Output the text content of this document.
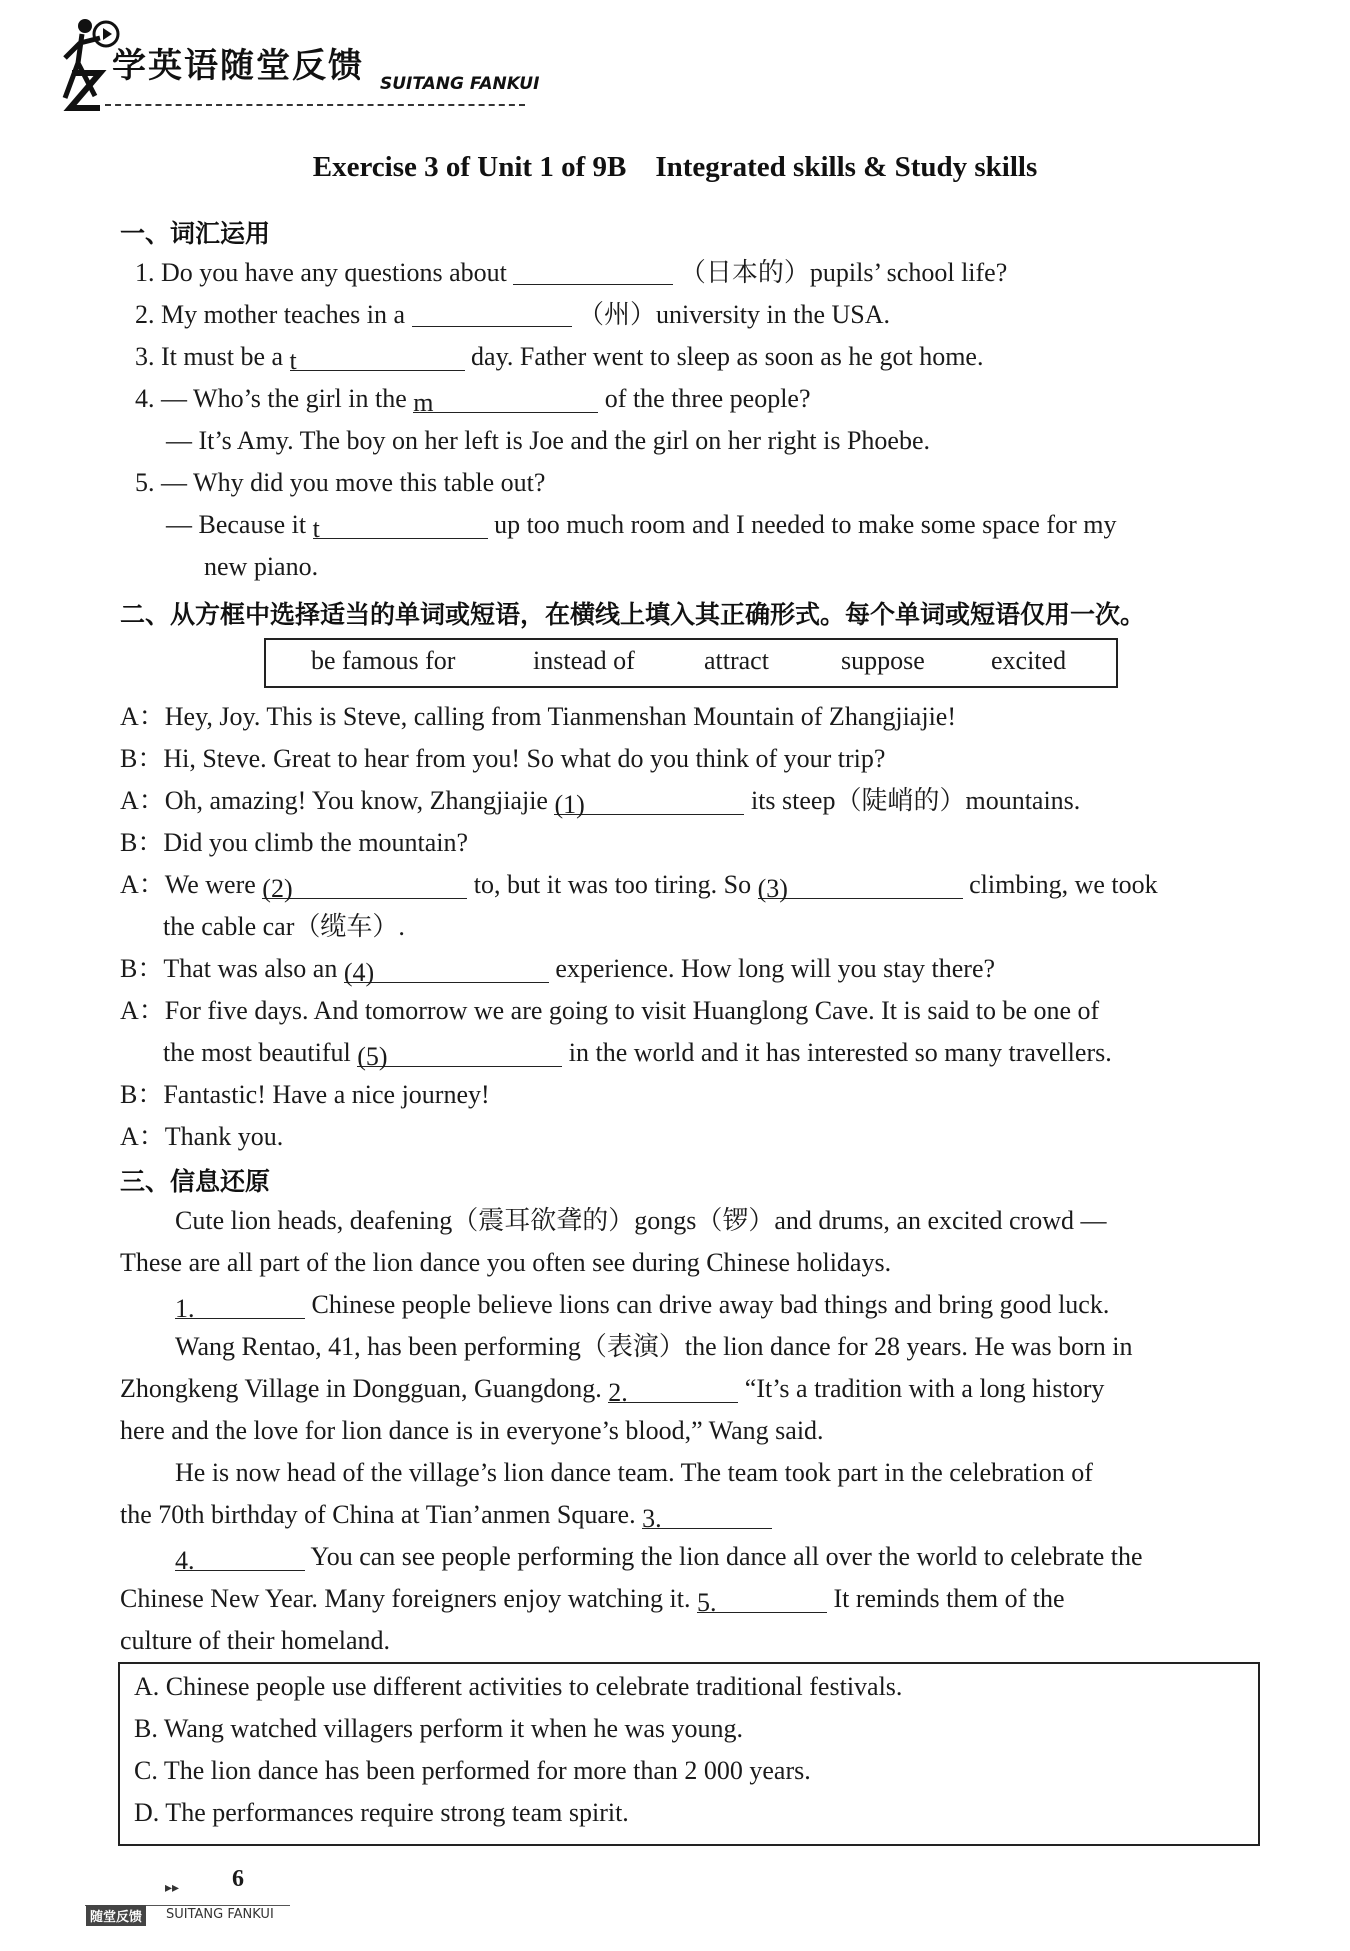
学英语随堂反馈 SUITANG FANKUI
Exercise 3 of Unit 1 of 9B　Integrated skills & Study skills
一、词汇运用
1. Do you have any questions about	（日本的）pupils’ school life?
2. My mother teaches in a	（州）university in the USA.
3. It must be a t	day. Father went to sleep as soon as he got home.
4. — Who’s the girl in the m	of the three people?
— It’s Amy. The boy on her left is Joe and the girl on her right is Phoebe.
5. — Why did you move this table out?
— Because it t	up too much room and I needed to make some space for my
new piano.
二、从方框中选择适当的单词或短语，在横线上填入其正确形式。每个单词或短语仅用一次。
be famous for	instead of	attract	suppose	excited
A：Hey, Joy. This is Steve, calling from Tianmenshan Mountain of Zhangjiajie!
B：Hi, Steve. Great to hear from you! So what do you think of your trip?
A：Oh, amazing! You know, Zhangjiajie (1)	its steep（陡峭的）mountains.
B：Did you climb the mountain?
A：We were (2)	to, but it was too tiring. So (3)	climbing, we took
the cable car（缆车）.
B：That was also an (4)	experience. How long will you stay there?
A：For five days. And tomorrow we are going to visit Huanglong Cave. It is said to be one of
the most beautiful (5)	in the world and it has interested so many travellers.
B：Fantastic! Have a nice journey!
A：Thank you.
三、信息还原
Cute lion heads, deafening（震耳欲聋的）gongs（锣）and drums, an excited crowd —
These are all part of the lion dance you often see during Chinese holidays.
1.	Chinese people believe lions can drive away bad things and bring good luck.
Wang Rentao, 41, has been performing（表演）the lion dance for 28 years. He was born in
Zhongkeng Village in Dongguan, Guangdong. 2.	“It’s a tradition with a long history
here and the love for lion dance is in everyone’s blood,” Wang said.
He is now head of the village’s lion dance team. The team took part in the celebration of
the 70th birthday of China at Tian’anmen Square. 3.
4.	You can see people performing the lion dance all over the world to celebrate the
Chinese New Year. Many foreigners enjoy watching it. 5.	It reminds them of the
culture of their homeland.
A. Chinese people use different activities to celebrate traditional festivals.
B. Wang watched villagers perform it when he was young.
C. The lion dance has been performed for more than 2 000 years.
D. The performances require strong team spirit.
▸▸ 6
随堂反馈	SUITANG FANKUI
